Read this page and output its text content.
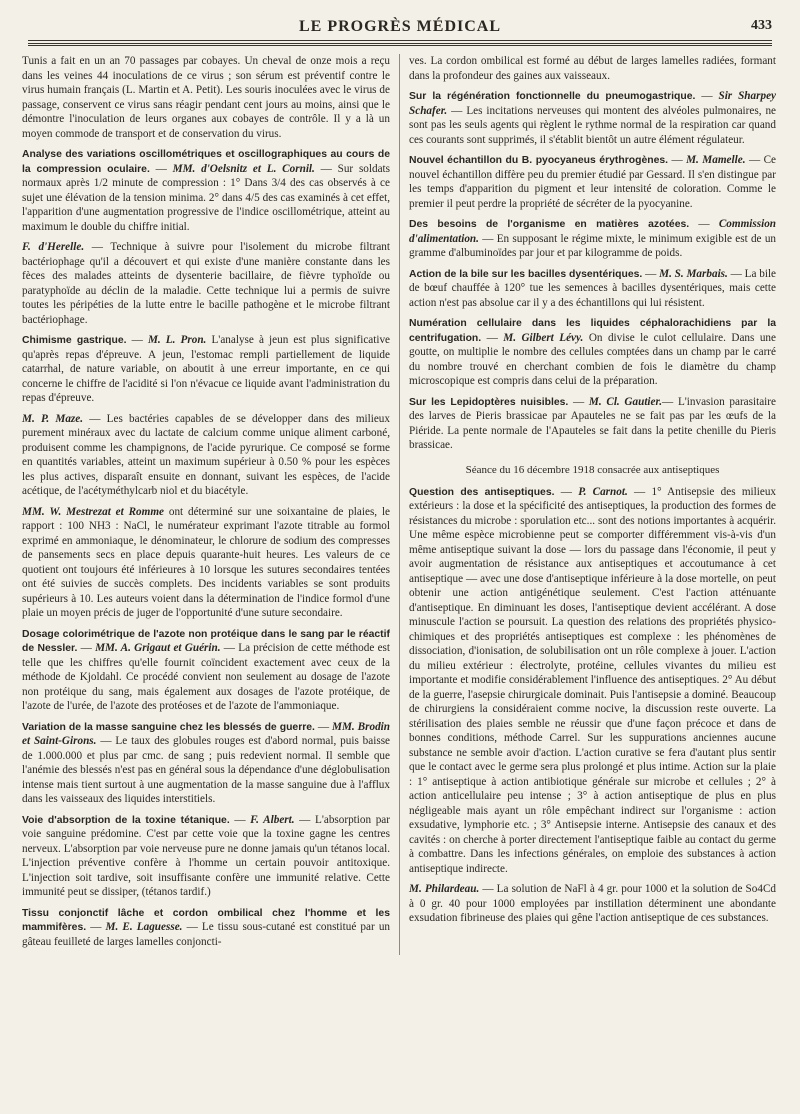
LE PROGRÈS MÉDICAL	433

Tunis a fait en un an 70 passages par cobayes. Un cheval de onze mois a reçu dans les veines 44 inoculations de ce virus ; son sérum est préventif contre le virus humain français (L. Martin et A. Petit). Les souris inoculées avec le virus de passage, conservent ce virus sans réagir pendant cent jours au moins, ainsi que le démontre l'inoculation de leurs organes aux cobayes de contrôle. Il y a là un moyen commode de transport et de conservation du virus.

Analyse des variations oscillométriques et oscillographiques au cours de la compression oculaire. — MM. d'Oelsnitz et L. Cornil. — Sur soldats normaux après 1/2 minute de compression : 1° Dans 3/4 des cas observés à ce sujet une élévation de la tension minima. 2° dans 4/5 des cas examinés à cet effet, l'apparition d'une augmentation progressive de l'indice oscillométrique, atteint au maximum le double du chiffre initial.

F. d'Herelle. — Technique à suivre pour l'isolement du microbe filtrant bactériophage qu'il a découvert et qui existe d'une manière constante dans les fèces des malades atteints de dysenterie bacillaire, de fièvre typhoïde ou paratyphoïde au déclin de la maladie. Cette technique lui a permis de suivre toutes les péripéties de la lutte entre le bacille pathogène et le microbe filtrant bactériophage.

Chimisme gastrique. — M. L. Pron. L'analyse à jeun est plus significative qu'après repas d'épreuve. A jeun, l'estomac rempli partiellement de liquide catarrhal, de nature variable, on aboutit à une erreur importante, en ce qui concerne le chiffre de l'acidité si l'on n'évacue ce liquide avant l'administration du repas d'épreuve.

M. P. Maze. — Les bactéries capables de se développer dans des milieux purement minéraux avec du lactate de calcium comme unique aliment carboné, produisent comme les champignons, de l'acide pyrurique. Ce composé se forme en quantités variables, atteint un maximum supérieur à 0.50 % pour les espèces les plus actives, disparaît ensuite en donnant, suivant les espèces, de l'acide acétique, de l'acétyméthylcarb niol et du biacétyle.

MM. W. Mestrezat et Romme ont déterminé sur une soixantaine de plaies, le rapport : 100 NH3 : NaCl, le numérateur exprimant l'azote titrable au formol exprimé en ammoniaque, le dénominateur, le chlorure de sodium des compresses de pansements secs en place depuis quarante-huit heures. Les valeurs de ce quotient ont toujours été inférieures à 10 lorsque les sutures secondaires tentées ont été suivies de succès complets. Des incidents variables se sont produits supérieurs à 10. Les auteurs voient dans la détermination de l'indice formol d'une plaie un moyen précis de juger de l'opportunité d'une suture secondaire.

Dosage colorimétrique de l'azote non protéique dans le sang par le réactif de Nessler. — MM. A. Grigaut et Guérin. — La précision de cette méthode est telle que les chiffres qu'elle fournit coïncident exactement avec ceux de la méthode de Kjoldahl. Ce procédé convient non seulement au dosage de l'azote non protéique du sang, mais également aux dosages de l'azote protéique, de l'azote de l'urée, de l'azote des protéoses et de l'azote de l'ammoniaque.

Variation de la masse sanguine chez les blessés de guerre. — MM. Brodin et Saint-Girons. — Le taux des globules rouges est d'abord normal, puis baisse de 1.000.000 et plus par cmc. de sang ; puis redevient normal. Il semble que l'anémie des blessés n'est pas en général sous la dépendance d'une déglobulisation intense mais tient surtout à une augmentation de la masse sanguine due à l'afflux dans les vaisseaux des liquides interstitiels.

Voie d'absorption de la toxine tétanique. — F. Albert. — L'absorption par voie sanguine prédomine. C'est par cette voie que la toxine gagne les centres nerveux. L'absorption par voie nerveuse pure ne donne jamais qu'un tétanos local. L'injection préventive confère à l'homme un certain pouvoir antitoxique. L'injection soit tardive, soit insuffisante confère une immunité relative. Cette immunité peut se dissiper, (tétanos tardif.)

Tissu conjonctif lâche et cordon ombilical chez l'homme et les mammifères. — M. E. Laguesse. — Le tissu sous-cutané est constitué par un gâteau feuilleté de larges lamelles conjoncti-

ves. La cordon ombilical est formé au début de larges lamelles radiées, formant dans la profondeur des gaines aux vaisseaux.

Sur la régénération fonctionnelle du pneumogastrique. — Sir Sharpey Schafer. — Les incitations nerveuses qui montent des alvéoles pulmonaires, ne sont pas les seuls agents qui règlent le rythme normal de la respiration car quand ces courants sont supprimés, il s'établit bientôt un autre élément régulateur.

Nouvel échantillon du B. pyocyaneus érythrogènes. — M. Mamelle. — Ce nouvel échantillon diffère peu du premier étudié par Gessard. Il s'en distingue par les temps d'apparition du pigment et leur intensité de coloration. Comme le premier il peut perdre la propriété de sécréter de la pyocyanine.

Des besoins de l'organisme en matières azotées. — Commission d'alimentation. — En supposant le régime mixte, le minimum exigible est de un gramme d'albuminoïdes par jour et par kilogramme de poids.

Action de la bile sur les bacilles dysentériques. — M. S. Marbais. — La bile de bœuf chauffée à 120° tue les semences à bacilles dysentériques, mais cette action n'est pas absolue car il y a des échantillons qui lui résistent.

Numération cellulaire dans les liquides céphalorachidiens par la centrifugation. — M. Gilbert Lévy. On divise le culot cellulaire. Dans une goutte, on multiplie le nombre des cellules comptées dans un champ par le carré du nombre trouvé en cherchant combien de fois le diamètre du champ microscopique est compris dans celui de la préparation.

Sur les Lepidoptères nuisibles. — M. Cl. Gautier.— L'invasion parasitaire des larves de Pieris brassicae par Apauteles ne se fait pas par les œufs de la Piéride. La pente normale de l'Apauteles se fait dans la petite chenille du Pieris brassicae.

Séance du 16 décembre 1918 consacrée aux antiseptiques

Question des antiseptiques. — P. Carnot. — 1° Antisepsie des milieux extérieurs : la dose et la spécificité des antiseptiques, la production des formes de résistances du microbe : sporulation etc... sont des notions importantes à acquérir. Une même espèce microbienne peut se comporter différemment vis-à-vis d'un même antiseptique suivant la dose — lors du passage dans l'économie, il peut y avoir augmentation de résistance aux antiseptiques et accoutumance à cet antiseptique — avec une dose d'antiseptique inférieure à la dose mortelle, on peut obtenir une action antigénétique seulement. C'est l'action atténuante d'antiseptique. En diminuant les doses, l'antiseptique devient accélérant. A dose minuscule l'action se poursuit. La question des relations des propriétés physico-chimiques et des propriétés antiseptiques est complexe : les phénomènes de dissociation, d'ionisation, de solubilisation ont un rôle complexe à jouer. L'action du milieu extérieur : électrolyte, protéine, cellules vivantes du milieu est importante et modifie considérablement l'influence des antiseptiques. 2° Au début de la guerre, l'asepsie chirurgicale dominait. Puis l'antisepsie a dominé. Beaucoup de chirurgiens la considéraient comme nocive, la discussion reste ouverte. La stérilisation des plaies semble ne réussir que d'une façon précoce et dans de bonnes conditions, méthode Carrel. Sur les suppurations anciennes aucune substance ne semble avoir d'action. L'action curative se fera d'autant plus sentir que le contact avec le germe sera plus prolongé et plus intime. Action sur la plaie : 1° antiseptique à action antibiotique générale sur microbe et cellules ; 2° à action anticellulaire peu intense ; 3° à action antiseptique de plus en plus négligeable mais ayant un rôle empêchant indirect sur l'organisme : action exsudative, lymphorie etc. ; 3° Antisepsie interne. Antisepsie des canaux et des cavités : on cherche à porter directement l'antiseptique faible au contact du germe à combattre. Dans les infections générales, on emploie des substances à action antiseptique indirecte.

M. Philardeau. — La solution de NaFl à 4 gr. pour 1000 et la solution de So4Cd à 0 gr. 40 pour 1000 employées par instillation déterminent une abondante exsudation fibrineuse des plaies qui gêne l'action antiseptique de ces substances.
